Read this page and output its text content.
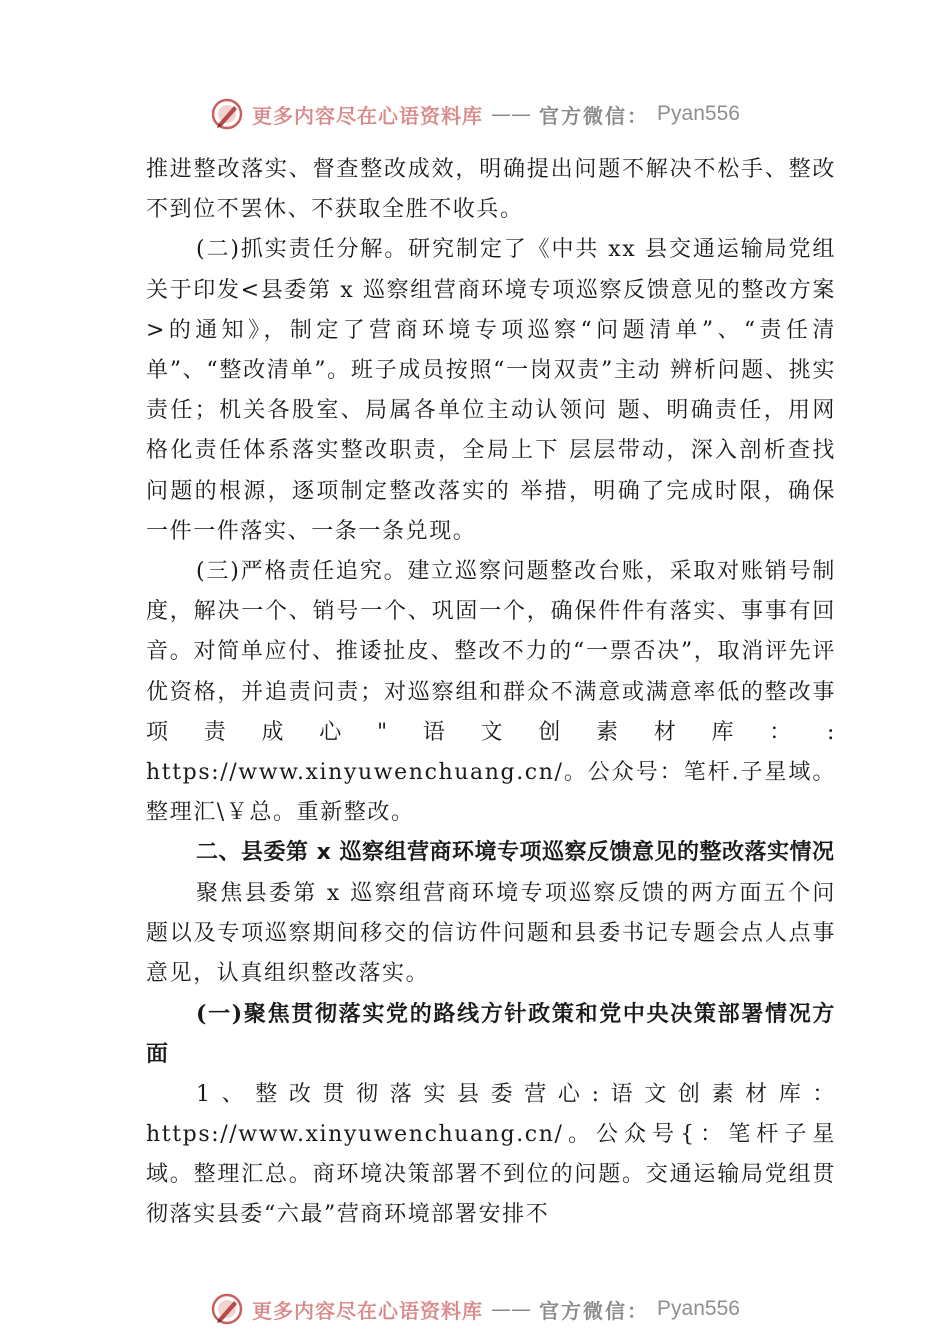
更多内容尽在心语资料库 —— 官方微信： Pyan556

推进整改落实、督查整改成效，明确提出问题不解决不松手、整改不到位不罢休、不获取全胜不收兵。

(二)抓实责任分解。研究制定了《中共 xx 县交通运输局党组关于印发<县委第 x 巡察组营商环境专项巡察反馈意见的整改方案>的通知》，制定了营商环境专项巡察“问题清单”、“责任清单”、“整改清单”。班子成员按照“一岗双责”主动 辨析问题、挑实责任；机关各股室、局属各单位主动认领问 题、明确责任，用网格化责任体系落实整改职责，全局上下 层层带动，深入剖析查找问题的根源，逐项制定整改落实的 举措，明确了完成时限，确保一件一件落实、一条一条兑现。

(三)严格责任追究。建立巡察问题整改台账，采取对账销号制度，解决一个、销号一个、巩固一个，确保件件有落实、事事有回音。对简单应付、推诿扯皮、整改不力的“一票否决”，取消评先评优资格，并追责问责；对巡察组和群众不满意或满意率低的整改事项责成心"语文创素材库：: https://www.xinyuwenchuang.cn/。公众号：笔杆.子星域。整理汇\￥总。重新整改。

二、县委第 x 巡察组营商环境专项巡察反馈意见的整改落实情况

聚焦县委第 x 巡察组营商环境专项巡察反馈的两方面五个问题以及专项巡察期间移交的信访件问题和县委书记专题会点人点事意见，认真组织整改落实。

(一)聚焦贯彻落实党的路线方针政策和党中央决策部署情况方面

1、整改贯彻落实县委营心:语文创素材库：https://www.xinyuwenchuang.cn/。公众号{：笔杆子星域。整理汇总。商环境决策部署不到位的问题。交通运输局党组贯彻落实县委“六最”营商环境部署安排不

更多内容尽在心语资料库 —— 官方微信： Pyan556
